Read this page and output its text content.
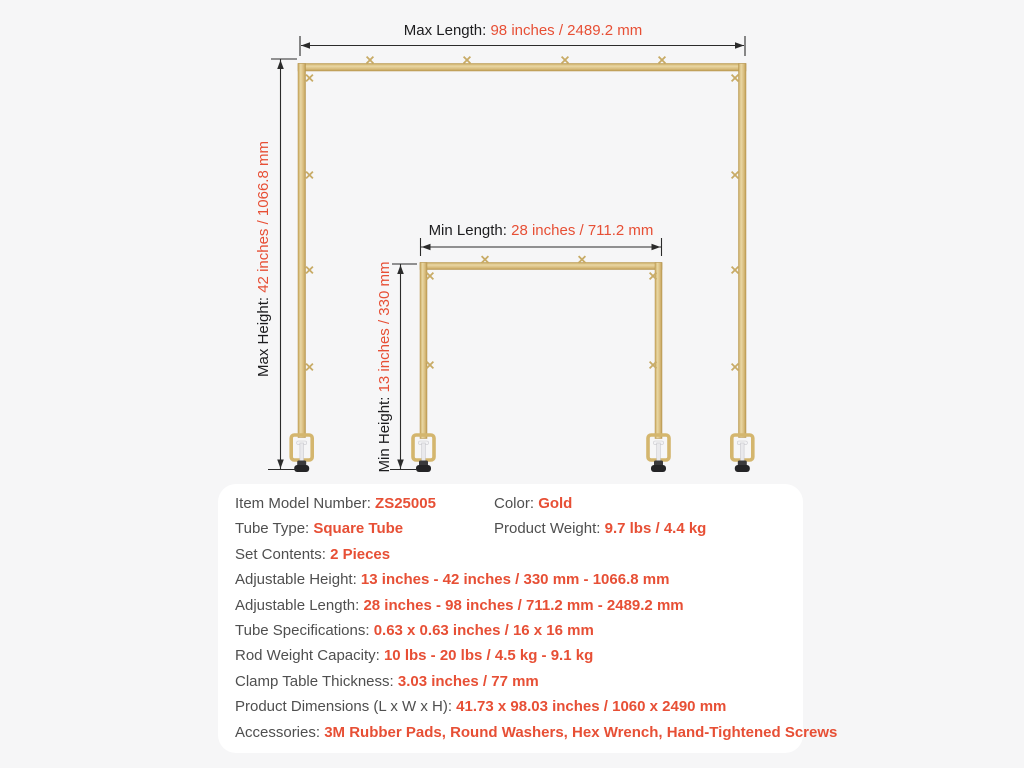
Max Length: 98 inches / 2489.2 mm
Max Height: 42 inches / 1066.8 mm	Min Length: 28 inches / 711.2 mm
Min Height: 13 inches / 330 mm
Item Model Number: ZS25005	Color: Gold
Tube Type: Square Tube	Product Weight: 9.7 lbs / 4.4 kg
Set Contents: 2 Pieces
Adjustable Height: 13 inches - 42 inches / 330 mm - 1066.8 mm
Adjustable Length: 28 inches - 98 inches / 711.2 mm - 2489.2 mm
Tube Specifications: 0.63 x 0.63 inches / 16 x 16 mm
Rod Weight Capacity: 10 lbs - 20 lbs / 4.5 kg - 9.1 kg
Clamp Table Thickness: 3.03 inches / 77 mm
Product Dimensions (L x W x H): 41.73 x 98.03 inches / 1060 x 2490 mm
Accessories: 3M Rubber Pads, Round Washers, Hex Wrench, Hand-Tightened Screws
